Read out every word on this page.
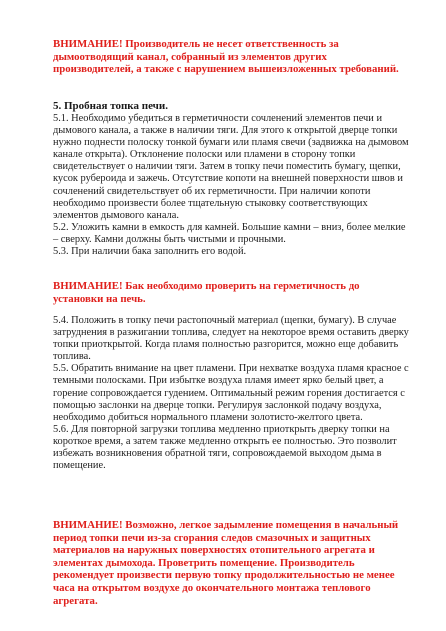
ВНИМАНИЕ! Производитель не несет ответственность за дымоотводящий канал, собранный из элементов других производителей, а также с нарушением вышеизложенных требований.

5. Пробная топка печи.

5.1. Необходимо убедиться в герметичности сочленений элементов печи и дымового канала, а также в наличии тяги. Для этого к открытой дверце топки нужно поднести полоску тонкой бумаги или пламя свечи (задвижка на дымовом канале открыта). Отклонение полоски или пламени в сторону топки свидетельствует о наличии тяги. Затем в топку печи поместить бумагу, щепки, кусок рубероида и зажечь. Отсутствие копоти на внешней поверхности швов и сочленений свидетельствует об их герметичности. При наличии копоти необходимо произвести более тщательную стыковку соответствующих элементов дымового канала.
5.2. Уложить камни в емкость для камней. Большие камни – вниз, более мелкие – сверху. Камни должны быть чистыми и прочными.
5.3. При наличии бака заполнить его водой.

ВНИМАНИЕ! Бак необходимо проверить на герметичность до установки на печь.

5.4. Положить в топку печи растопочный материал (щепки, бумагу). В случае затруднения в разжигании топлива, следует на некоторое время оставить дверку топки приоткрытой. Когда пламя полностью разгорится, можно еще добавить топлива.
5.5. Обратить внимание на цвет пламени. При нехватке воздуха пламя красное с темными полосками. При избытке воздуха пламя имеет ярко белый цвет, а горение сопровождается гудением. Оптимальный режим горения достигается с помощью заслонки на дверце топки. Регулируя заслонкой подачу воздуха, необходимо добиться нормального пламени золотисто-желтого цвета.
5.6. Для повторной загрузки топлива медленно приоткрыть дверку топки на короткое время, а затем также медленно открыть ее полностью. Это позволит избежать возникновения обратной тяги, сопровождаемой выходом дыма в помещение.

ВНИМАНИЕ! Возможно, легкое задымление помещения в начальный период топки печи из-за сгорания следов смазочных и защитных материалов на наружных поверхностях отопительного агрегата и элементах дымохода. Проветрить помещение. Производитель рекомендует произвести первую топку продолжительностью не менее часа на открытом воздухе до окончательного монтажа теплового агрегата.
